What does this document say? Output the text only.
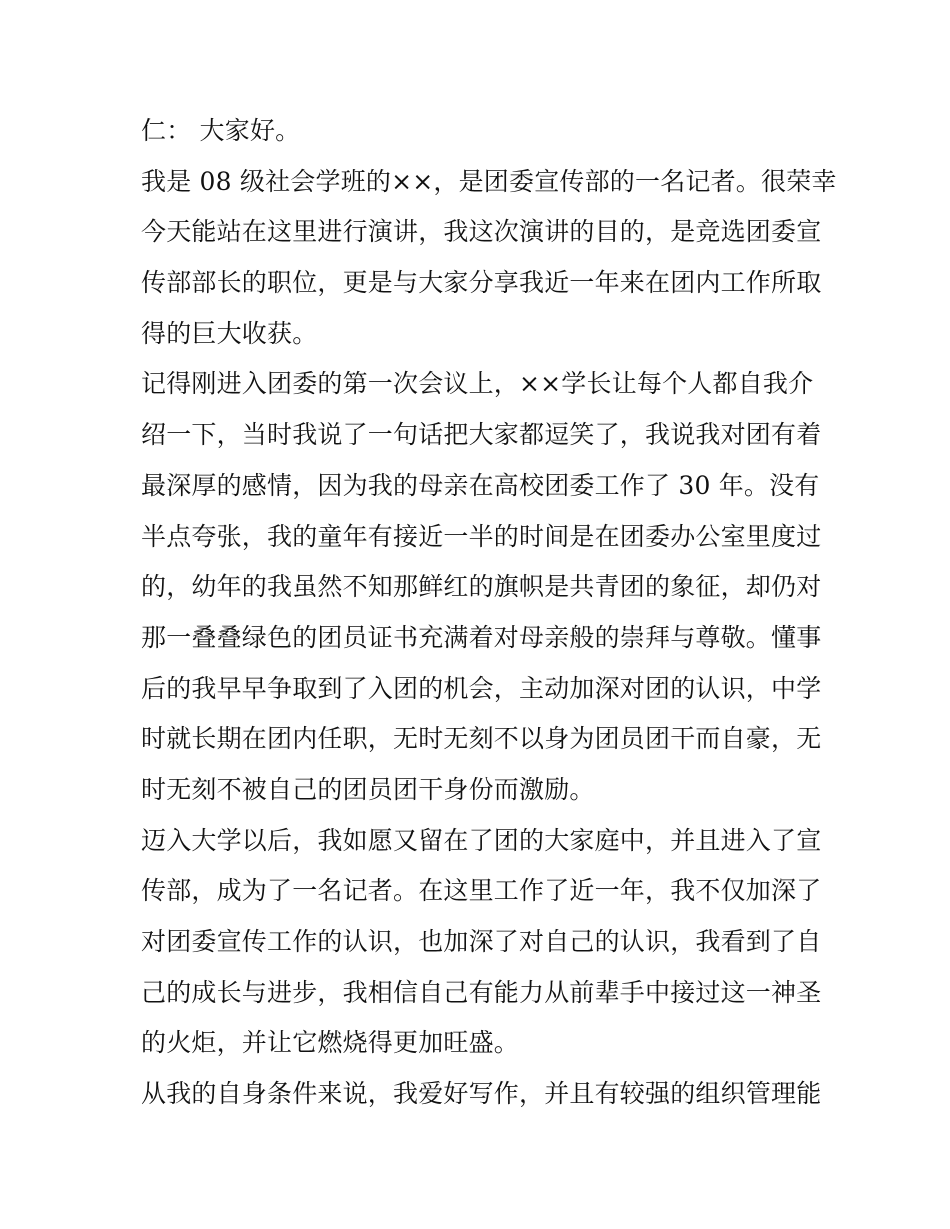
仁： 大家好。
我是 08 级社会学班的××，是团委宣传部的一名记者。很荣幸
今天能站在这里进行演讲，我这次演讲的目的，是竞选团委宣
传部部长的职位，更是与大家分享我近一年来在团内工作所取
得的巨大收获。
记得刚进入团委的第一次会议上，××学长让每个人都自我介
绍一下，当时我说了一句话把大家都逗笑了，我说我对团有着
最深厚的感情，因为我的母亲在高校团委工作了 30 年。没有
半点夸张，我的童年有接近一半的时间是在团委办公室里度过
的，幼年的我虽然不知那鲜红的旗帜是共青团的象征，却仍对
那一叠叠绿色的团员证书充满着对母亲般的崇拜与尊敬。懂事
后的我早早争取到了入团的机会，主动加深对团的认识，中学
时就长期在团内任职，无时无刻不以身为团员团干而自豪，无
时无刻不被自己的团员团干身份而激励。
迈入大学以后，我如愿又留在了团的大家庭中，并且进入了宣
传部，成为了一名记者。在这里工作了近一年，我不仅加深了
对团委宣传工作的认识，也加深了对自己的认识，我看到了自
己的成长与进步，我相信自己有能力从前辈手中接过这一神圣
的火炬，并让它燃烧得更加旺盛。
从我的自身条件来说，我爱好写作，并且有较强的组织管理能
